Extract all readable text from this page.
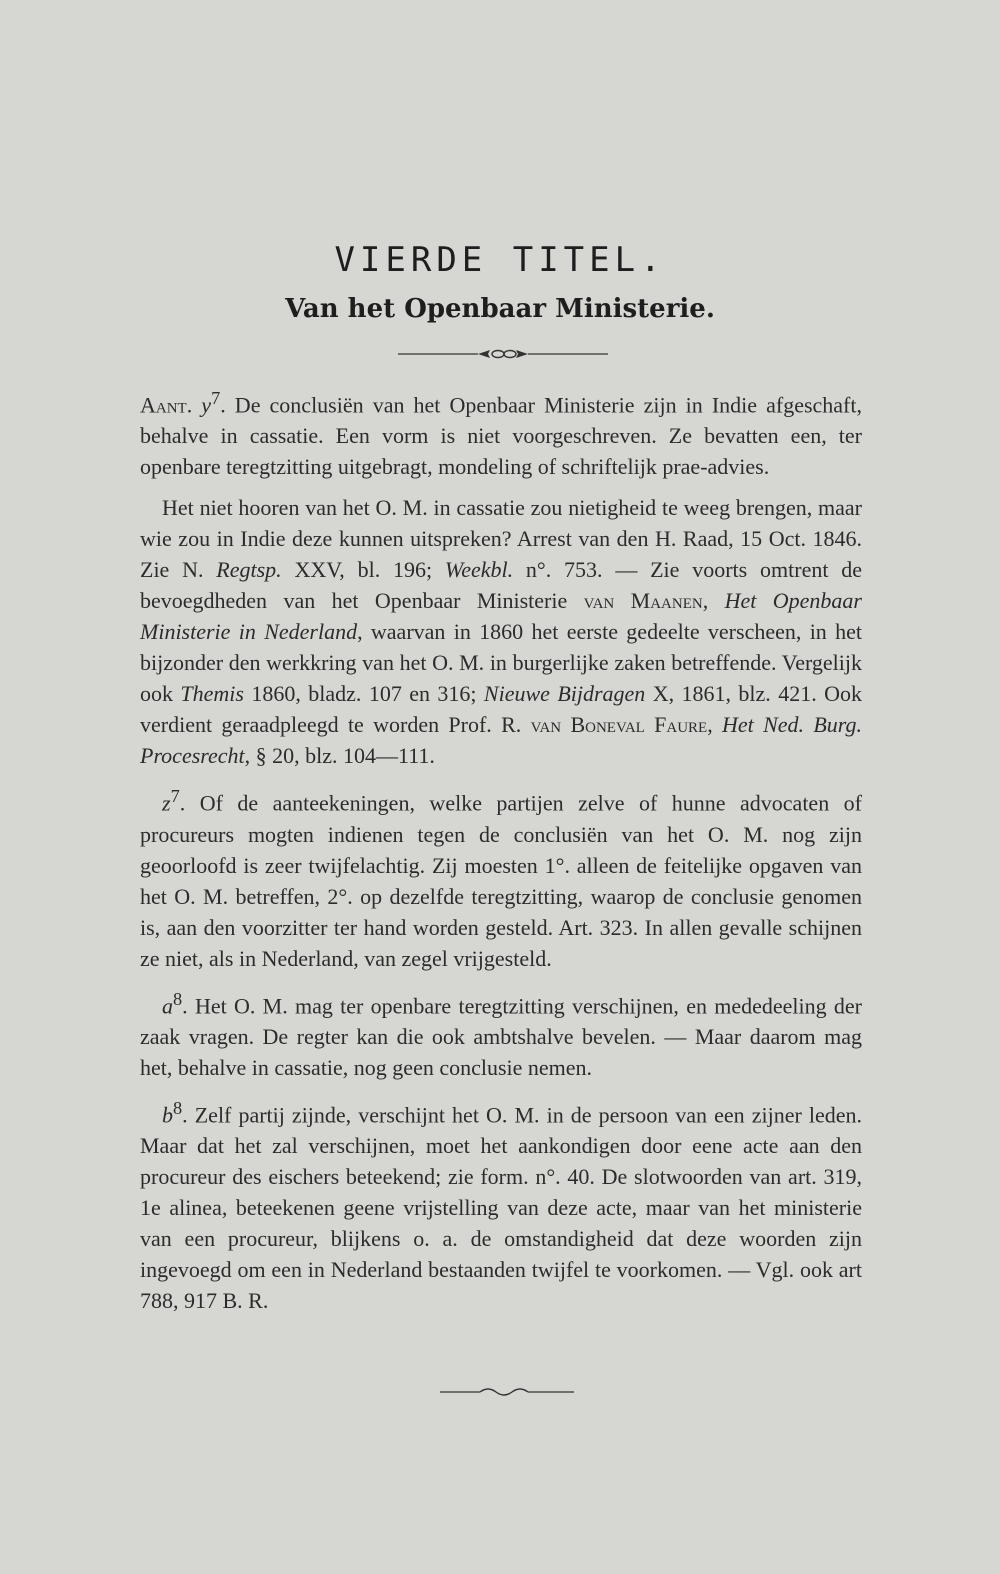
VIERDE TITEL.
Van het Openbaar Ministerie.

Aant. $y^7$. De conclusiën van het Openbaar Ministerie zijn in Indie afgeschaft, behalve in cassatie. Een vorm is niet voorgeschreven. Ze bevatten een, ter openbare teregtzitting uitgebragt, mondeling of schriftelijk prae-advies.

Het niet hooren van het O. M. in cassatie zou nietigheid te weeg brengen, maar wie zou in Indie deze kunnen uitspreken? Arrest van den H. Raad, 15 Oct. 1846. Zie N. Regtsp. XXV, bl. 196; Weekbl. n°. 753. — Zie voorts omtrent de bevoegdheden van het Openbaar Ministerie van Maanen, Het Openbaar Ministerie in Nederland, waarvan in 1860 het eerste gedeelte verscheen, in het bijzonder den werkkring van het O. M. in burgerlijke zaken betreffende. Vergelijk ook Themis 1860, bladz. 107 en 316; Nieuwe Bijdragen X, 1861, blz. 421. Ook verdient geraadpleegd te worden Prof. R. van Boneval Faure, Het Ned. Burg. Procesrecht, § 20, blz. 104—111.

$z^7$. Of de aanteekeningen, welke partijen zelve of hunne advocaten of procureurs mogten indienen tegen de conclusiën van het O. M. nog zijn geoorloofd is zeer twijfelachtig. Zij moesten 1°. alleen de feitelijke opgaven van het O. M. betreffen, 2°. op dezelfde teregtzitting, waarop de conclusie genomen is, aan den voorzitter ter hand worden gesteld. Art. 323. In allen gevalle schijnen ze niet, als in Nederland, van zegel vrijgesteld.

$a^8$. Het O. M. mag ter openbare teregtzitting verschijnen, en mededeeling der zaak vragen. De regter kan die ook ambtshalve bevelen. — Maar daarom mag het, behalve in cassatie, nog geen conclusie nemen.

$b^8$. Zelf partij zijnde, verschijnt het O. M. in de persoon van een zijner leden. Maar dat het zal verschijnen, moet het aankondigen door eene acte aan den procureur des eischers beteekend; zie form. n°. 40. De slotwoorden van art. 319, 1e alinea, beteekenen geene vrijstelling van deze acte, maar van het ministerie van een procureur, blijkens o. a. de omstandigheid dat deze woorden zijn ingevoegd om een in Nederland bestaanden twijfel te voorkomen. — Vgl. ook art 788, 917 B. R.
